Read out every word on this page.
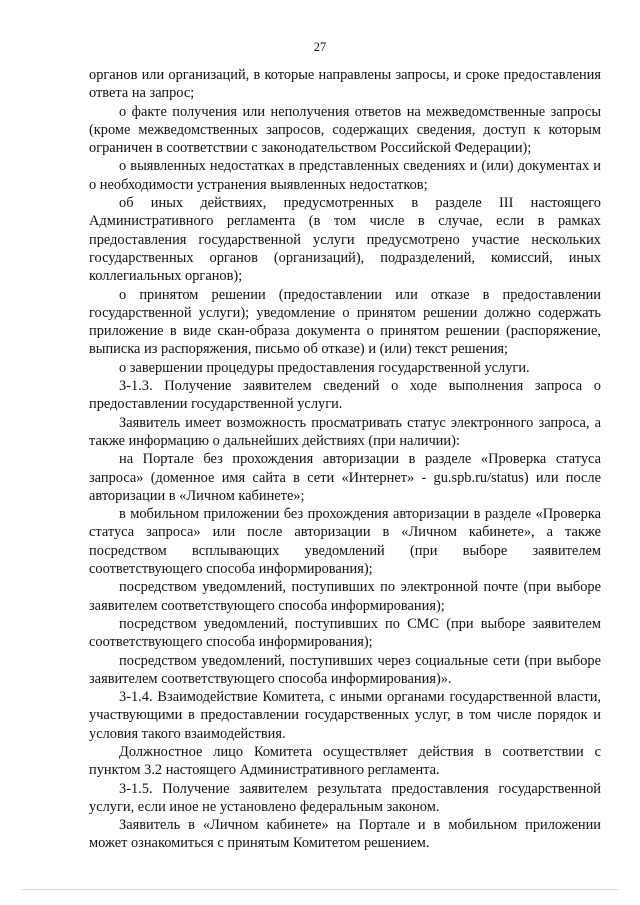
27

органов или организаций, в которые направлены запросы, и сроке предоставления ответа на запрос;

о факте получения или неполучения ответов на межведомственные запросы (кроме межведомственных запросов, содержащих сведения, доступ к которым ограничен в соответствии с законодательством Российской Федерации);

о выявленных недостатках в представленных сведениях и (или) документах и о необходимости устранения выявленных недостатков;

об иных действиях, предусмотренных в разделе III настоящего Административного регламента (в том числе в случае, если в рамках предоставления государственной услуги предусмотрено участие нескольких государственных органов (организаций), подразделений, комиссий, иных коллегиальных органов);

о принятом решении (предоставлении или отказе в предоставлении государственной услуги); уведомление о принятом решении должно содержать приложение в виде скан-образа документа о принятом решении (распоряжение, выписка из распоряжения, письмо об отказе) и (или) текст решения;

о завершении процедуры предоставления государственной услуги.

3-1.3. Получение заявителем сведений о ходе выполнения запроса о предоставлении государственной услуги.

Заявитель имеет возможность просматривать статус электронного запроса, а также информацию о дальнейших действиях (при наличии):

на Портале без прохождения авторизации в разделе «Проверка статуса запроса» (доменное имя сайта в сети «Интернет» - gu.spb.ru/status) или после авторизации в «Личном кабинете»;

в мобильном приложении без прохождения авторизации в разделе «Проверка статуса запроса» или после авторизации в «Личном кабинете», а также посредством всплывающих уведомлений (при выборе заявителем соответствующего способа информирования);

посредством уведомлений, поступивших по электронной почте (при выборе заявителем соответствующего способа информирования);

посредством уведомлений, поступивших по СМС (при выборе заявителем соответствующего способа информирования);

посредством уведомлений, поступивших через социальные сети (при выборе заявителем соответствующего способа информирования)».

3-1.4. Взаимодействие Комитета, с иными органами государственной власти, участвующими в предоставлении государственных услуг, в том числе порядок и условия такого взаимодействия.

Должностное лицо Комитета осуществляет действия в соответствии с пунктом 3.2 настоящего Административного регламента.

3-1.5. Получение заявителем результата предоставления государственной услуги, если иное не установлено федеральным законом.

Заявитель в «Личном кабинете» на Портале и в мобильном приложении может ознакомиться с принятым Комитетом решением.
